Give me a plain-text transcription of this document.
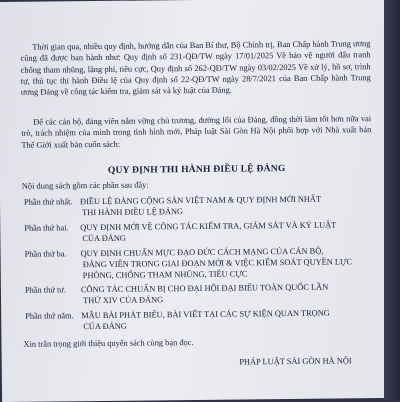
Thời gian qua, nhiều quy định, hướng dẫn của Ban Bí thư, Bộ Chính trị, Ban Chấp hành Trung ương cũng đã được ban hành như: Quy định số 231-QĐ/TW ngày 17/01/2025 Về bảo vệ người đấu tranh chống tham nhũng, lãng phí, tiêu cực, Quy định số 262-QĐ/TW ngày 03/02/2025 Về xử lý, hồ sơ, trình tự, thủ tục thi hành Điều lệ của Quy định số 22-QĐ/TW ngày 28/7/2021 của Ban Chấp hành Trung ương Đảng về công tác kiểm tra, giám sát và kỷ luật của Đảng.

Để các cán bộ, đảng viên nắm vững chủ trương, đường lối của Đảng, đồng thời làm tốt hơn nữa vai trò, trách nhiệm của mình trong tình hình mới, Pháp luật Sài Gòn Hà Nội phối hợp với Nhà xuất bản Thế Giới xuất bản cuốn sách:

QUY ĐỊNH THI HÀNH ĐIỀU LỆ ĐẢNG
Nội dung sách gồm các phần sau đây:
Phần thứ nhất. ĐIỀU LỆ ĐẢNG CỘNG SẢN VIỆT NAM & QUY ĐỊNH MỚI NHẤT
THI HÀNH ĐIỀU LỆ ĐẢNG
Phần thứ hai. QUY ĐỊNH MỚI VỀ CÔNG TÁC KIỂM TRA, GIÁM SÁT VÀ KỶ LUẬT
CỦA ĐẢNG
Phần thứ ba. QUY ĐỊNH CHUẨN MỰC ĐẠO ĐỨC CÁCH MẠNG CỦA CÁN BỘ,
ĐẢNG VIÊN TRONG GIAI ĐOẠN MỚI & VIỆC KIỂM SOÁT QUYỀN LỰC
PHÒNG, CHỐNG THAM NHŨNG, TIÊU CỰC
Phần thứ tư. CÔNG TÁC CHUẨN BỊ CHO ĐẠI HỘI ĐẠI BIỂU TOÀN QUỐC LẦN
THỨ XIV CỦA ĐẢNG
Phần thứ năm. MẪU BÀI PHÁT BIỂU, BÀI VIẾT TẠI CÁC SỰ KIỆN QUAN TRỌNG
CỦA ĐẢNG
Xin trân trọng giới thiệu quyển sách cùng bạn đọc.
PHÁP LUẬT SÀI GÒN HÀ NỘI
